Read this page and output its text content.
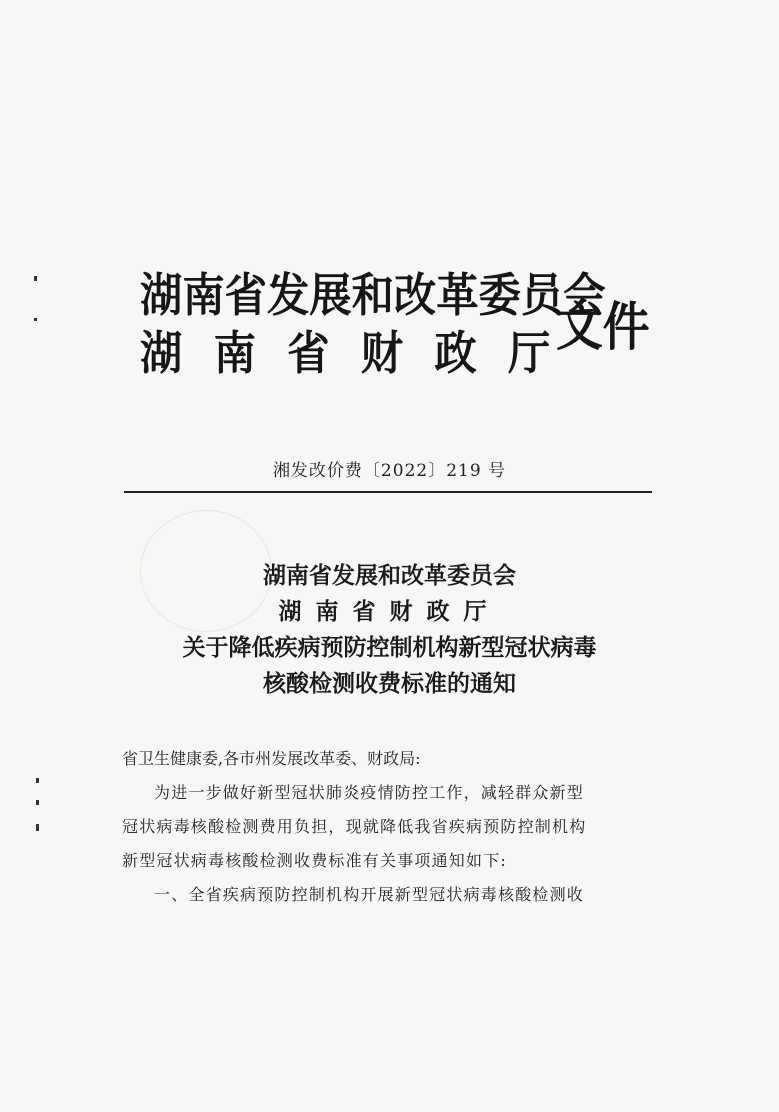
湖南省发展和改革委员会
湖南省财政厅
文件
湘发改价费〔2022〕219 号
湖南省发展和改革委员会
湖南省财政厅
关于降低疾病预防控制机构新型冠状病毒
核酸检测收费标准的通知
省卫生健康委,各市州发展改革委、财政局:
为进一步做好新型冠状肺炎疫情防控工作，减轻群众新型
冠状病毒核酸检测费用负担，现就降低我省疾病预防控制机构
新型冠状病毒核酸检测收费标准有关事项通知如下:
一、全省疾病预防控制机构开展新型冠状病毒核酸检测收
